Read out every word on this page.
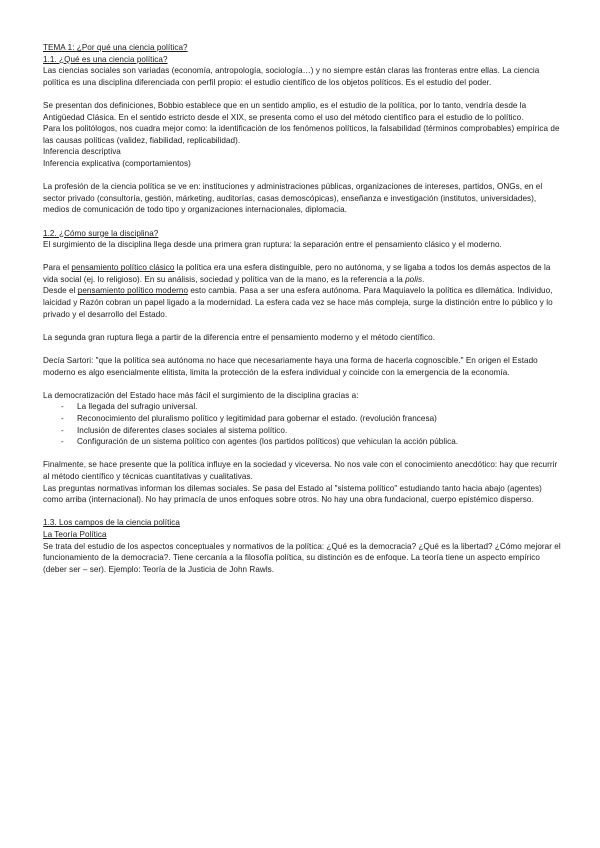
TEMA 1: ¿Por qué una ciencia política?

1.1. ¿Qué es una ciencia política?

Las ciencias sociales son variadas (economía, antropología, sociología…) y no siempre están claras las fronteras entre ellas. La ciencia política es una disciplina diferenciada con perfil propio: el estudio científico de los objetos políticos. Es el estudio del poder.

Se presentan dos definiciones, Bobbio establece que en un sentido amplio, es el estudio de la política, por lo tanto, vendría desde la Antigüedad Clásica. En el sentido estricto desde el XIX, se presenta como el uso del método científico para el estudio de lo político.

Para los politólogos, nos cuadra mejor como: la identificación de los fenómenos políticos, la falsabilidad (términos comprobables) empírica de las causas políticas (validez, fiabilidad, replicabilidad).

Inferencia descriptiva

Inferencia explicativa (comportamientos)

La profesión de la ciencia política se ve en: instituciones y administraciones públicas, organizaciones de intereses, partidos, ONGs, en el sector privado (consultoría, gestión, márketing, auditorías, casas demoscópicas), enseñanza e investigación (institutos, universidades), medios de comunicación de todo tipo y organizaciones internacionales, diplomacia.

1.2. ¿Cómo surge la disciplina?

El surgimiento de la disciplina llega desde una primera gran ruptura: la separación entre el pensamiento clásico y el moderno.

Para el pensamiento político clásico la política era una esfera distinguible, pero no autónoma, y se ligaba a todos los demás aspectos de la vida social (ej. lo religioso). En su análisis, sociedad y política van de la mano, es la referencia a la polis.

Desde el pensamiento político moderno esto cambia. Pasa a ser una esfera autónoma. Para Maquiavelo la política es dilemática. Individuo, laicidad y Razón cobran un papel ligado a la modernidad. La esfera cada vez se hace más compleja, surge la distinción entre lo público y lo privado y el desarrollo del Estado.

La segunda gran ruptura llega a partir de la diferencia entre el pensamiento moderno y el método científico.

Decía Sartori: "que la política sea autónoma no hace que necesariamente haya una forma de hacerla cognoscible." En origen el Estado moderno es algo esencialmente elitista, limita la protección de la esfera individual y coincide con la emergencia de la economía.

La democratización del Estado hace más fácil el surgimiento de la disciplina gracias a:

- La llegada del sufragio universal.
- Reconocimiento del pluralismo político y legitimidad para gobernar el estado. (revolución francesa)
- Inclusión de diferentes clases sociales al sistema político.
- Configuración de un sistema político con agentes (los partidos políticos) que vehiculan la acción pública.

Finalmente, se hace presente que la política influye en la sociedad y viceversa. No nos vale con el conocimiento anecdótico: hay que recurrir al método científico y técnicas cuantitativas y cualitativas.

Las preguntas normativas informan los dilemas sociales. Se pasa del Estado al "sistema político" estudiando tanto hacia abajo (agentes) como arriba (internacional). No hay primacía de unos enfoques sobre otros. No hay una obra fundacional, cuerpo epistémico disperso.

1.3. Los campos de la ciencia política

La Teoría Política

Se trata del estudio de los aspectos conceptuales y normativos de la política: ¿Qué es la democracia? ¿Qué es la libertad? ¿Cómo mejorar el funcionamiento de la democracia?. Tiene cercanía a la filosofía política, su distinción es de enfoque. La teoría tiene un aspecto empírico (deber ser – ser). Ejemplo: Teoría de la Justicia de John Rawls.
